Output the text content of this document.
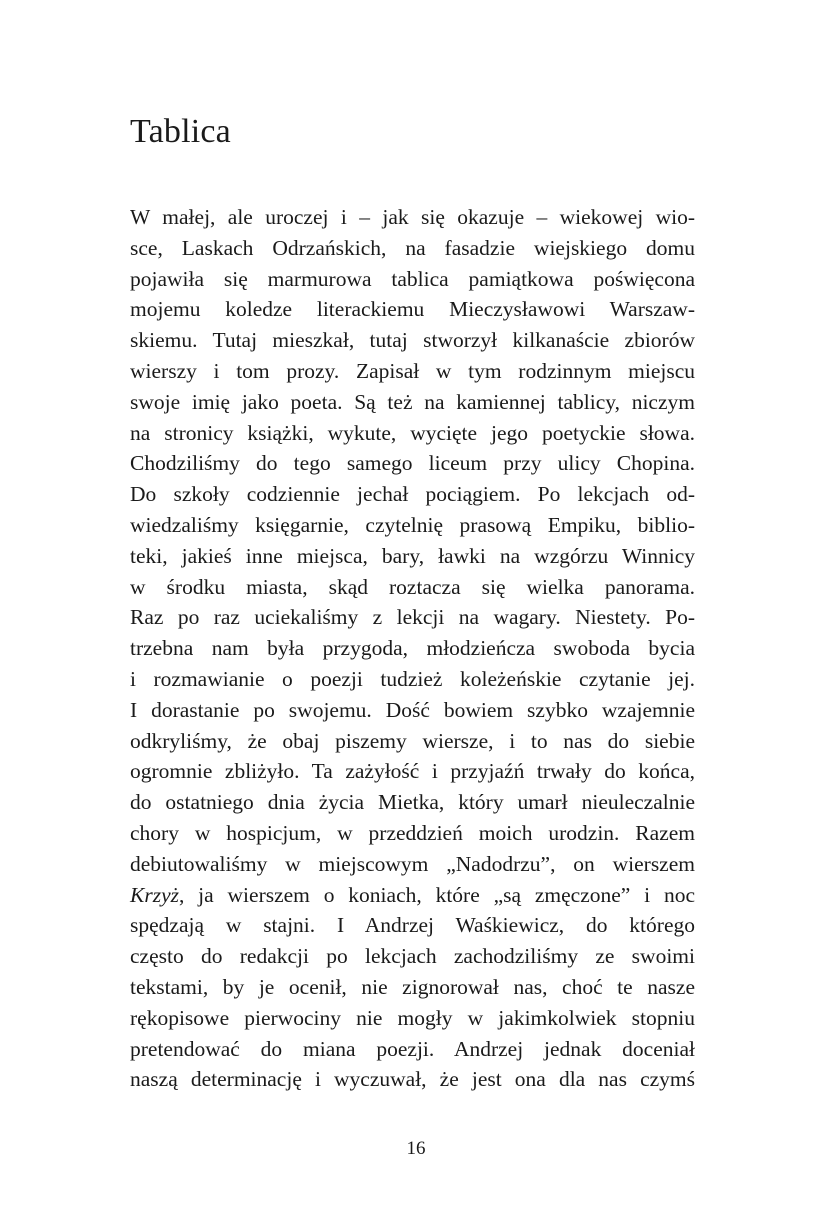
Tablica
W małej, ale uroczej i – jak się okazuje – wiekowej wio-
sce, Laskach Odrzańskich, na fasadzie wiejskiego domu
pojawiła się marmurowa tablica pamiątkowa poświęcona
mojemu koledze literackiemu Mieczysławowi Warszaw-
skiemu. Tutaj mieszkał, tutaj stworzył kilkanaście zbiorów
wierszy i tom prozy. Zapisał w tym rodzinnym miejscu
swoje imię jako poeta. Są też na kamiennej tablicy, niczym
na stronicy książki, wykute, wycięte jego poetyckie słowa.
Chodziliśmy do tego samego liceum przy ulicy Chopina.
Do szkoły codziennie jechał pociągiem. Po lekcjach od-
wiedzaliśmy księgarnie, czytelnię prasową Empiku, biblio-
teki, jakieś inne miejsca, bary, ławki na wzgórzu Winnicy
w środku miasta, skąd roztacza się wielka panorama.
Raz po raz uciekaliśmy z lekcji na wagary. Niestety. Po-
trzebna nam była przygoda, młodzieńcza swoboda bycia
i rozmawianie o poezji tudzież koleżeńskie czytanie jej.
I dorastanie po swojemu. Dość bowiem szybko wzajemnie
odkryliśmy, że obaj piszemy wiersze, i to nas do siebie
ogromnie zbliżyło. Ta zażyłość i przyjaźń trwały do końca,
do ostatniego dnia życia Mietka, który umarł nieuleczalnie
chory w hospicjum, w przeddzień moich urodzin. Razem
debiutowaliśmy w miejscowym „Nadodrzu”, on wierszem
Krzyż, ja wierszem o koniach, które „są zmęczone” i noc
spędzają w stajni. I Andrzej Waśkiewicz, do którego
często do redakcji po lekcjach zachodziliśmy ze swoimi
tekstami, by je ocenił, nie zignorował nas, choć te nasze
rękopisowe pierwociny nie mogły w jakimkolwiek stopniu
pretendować do miana poezji. Andrzej jednak doceniał
naszą determinację i wyczuwał, że jest ona dla nas czymś
16
